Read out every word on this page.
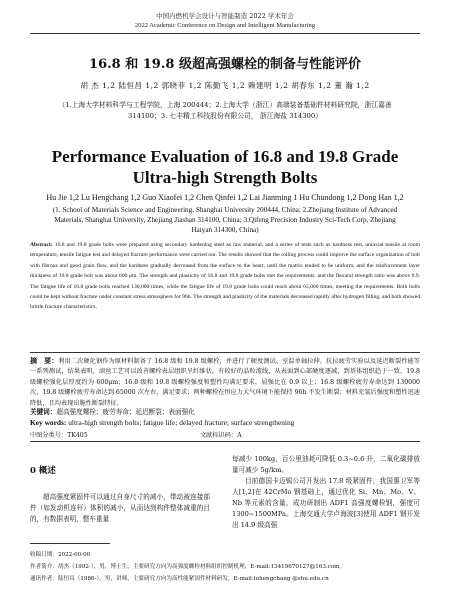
中国内燃机学会设计与智能制造 2022 学术年会
2022 Academic Conference on Design and Intelligent Manufacturing
16.8 和 19.8 级超高强螺栓的制备与性能评价
胡 杰 1,2 陆恒昌 1,2 郭晓菲 1,2 陈勤飞 1,2 赖建明 1,2 胡春东 1,2 董 瀚 1,2
（1.上海大学材料科学与工程学院，上海 200444；2.上海大学（浙江）高端装备基础件材料研究院，浙江嘉善 314100；3. 七丰精工科技股份有限公司， 浙江海盐 314300）
Performance Evaluation of 16.8 and 19.8 Grade Ultra-high Strength Bolts
Hu Jie 1,2 Lu Hengchang 1,2 Guo Xiaofei 1,2 Chen Qinfei 1,2 Lai Jianming 1 Hu Chundong 1,2 Dong Han 1,2
(1. School of Materials Science and Engineering, Shanghai University 200444, China; 2.Zhejiang Institute of Advanced Materials, Shanghai University, Zhejiang Jiashan 314100, China; 3.Qifeng Precision Industry Sci-Tech Corp, Zhejiang Haiyan 314300, China)
Abstract: 16.8 and 19.8 grade bolts were prepared using secondary hardening steel as raw material, and a series of tests such as hardness test, uniaxial tensile at room temperature, tensile fatigue test and delayed fracture performance were carried out. The results showed that the rolling process could improve the surface organization of bolt with fibrous and good grain flow, and the hardness gradually decreased from the surface to the heart, until the matrix tended to be uniform, and the reinforcement layer thickness of 19.8 grade bolt was about 600 μm. The strength and plasticity of 16.8 and 19.8 grade bolts met the requirements, and the flexural strength ratio was above 0.9. The fatigue life of 16.8 grade bolts reached 130,000 times, while the fatigue life of 19.8 grade bolts could reach about 65,000 times, meeting the requirements. Both bolts could be kept without fracture under constant stress atmosphere for 96h. The strength and plasticity of the materials decreased rapidly after hydrogen filling, and both showed brittle fracture characteristics.
摘　要：利用二次硬化钢作为原材料制备了 16.8 级和 19.8 级螺栓，并进行了硬度测试、室温单轴拉伸、抗拉疲劳实验以及延迟断裂性能等一系列测试，结果表明，滚丝工艺可以改善螺栓表层组织呈纤维状，有较好的晶粒流线，从表面到心部硬度逐减，到基体组织趋于一致，19.8 级螺栓强化层厚度约为 600μm；16.8 级和 19.8 级螺栓强度和塑性均满足要求，屈强比在 0.9 以上；16.8 级螺栓疲劳寿命达到 130000 次，19.8 级螺栓疲劳寿命达到 65000 次左右，满足要求；两种螺栓在恒应力大气环境下能保持 96h 不发生断裂；材料充氢后强度和塑性迅速降低，且均表现出脆性断裂特征。
关键词：超高强度螺栓；疲劳寿命；延迟断裂；表面强化
Key words: ultra-high strength bolts; fatigue life; delayed fracture; surface strengthening
中图分类号：TK405	文献标识码：A
0 概述

超高强度紧固件可以通过自身尺寸的减小，带动被连接部件（如发动机连杆）体积的减小，从而达到构件整体减重的目的，有数据表明，整车重量

每减少 100kg，百公里油耗可降低 0.3~0.6 升，二氧化碳排放量可减少 5g/km。

目前德国卡迈锡公司开发出 17.8 级紧固件，我国惠卫军等人[1,2]在 42CrMo 钢基础上，通过优化 Si、Mn、Mo、V、Nb 等元素的含量，成功研制出 ADF1 高强度螺栓钢，强度可 1300~1500MPa。上海交通大学卢海波[3]使用 ADF1 钢开发出 14.9 级高强

收稿日期：2022-00-00
作者简介：胡杰（1992-），男，博士生，主要研究方向为高强度螺栓材料组织控制机理，E-mail:13419670127@163.com。
通讯作者：陆恒昌（1986-），男，讲师，主要研究方向为高性能紧固件材料研发，E-mail:luhengchang @shu.edu.cn
